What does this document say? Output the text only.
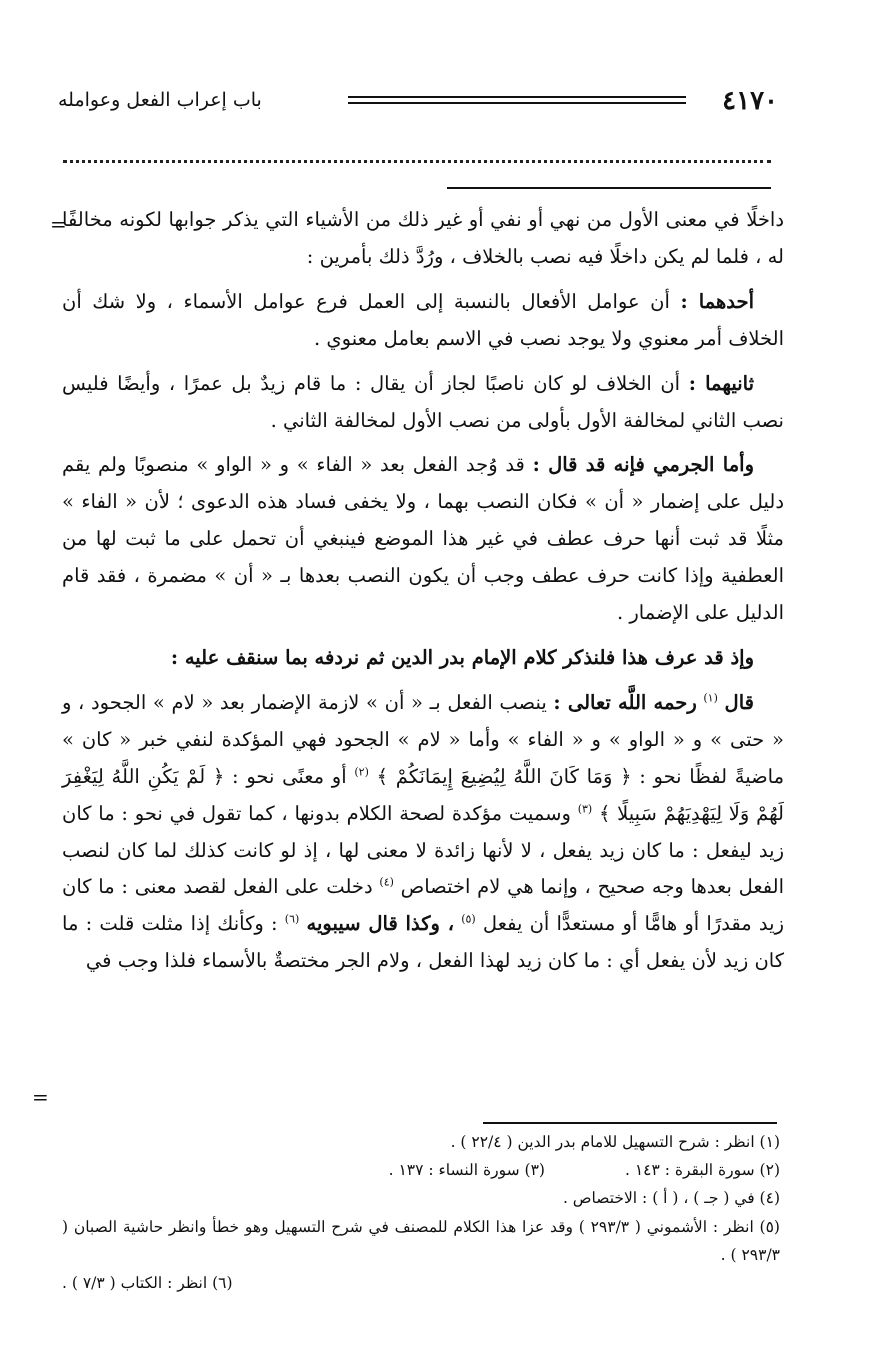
٤١٧٠
باب إعراب الفعل وعوامله
=

داخلًا في معنى الأول من نهي أو نفي أو غير ذلك من الأشياء التي يذكر جوابها لكونه مخالفًا له ، فلما لم يكن داخلًا فيه نصب بالخلاف ، ورُدَّ ذلك بأمرين :

أحدهما : أن عوامل الأفعال بالنسبة إلى العمل فرع عوامل الأسماء ، ولا شك أن الخلاف أمر معنوي ولا يوجد نصب في الاسم بعامل معنوي .

ثانيهما : أن الخلاف لو كان ناصبًا لجاز أن يقال : ما قام زيدٌ بل عمرًا ، وأيضًا فليس نصب الثاني لمخالفة الأول بأولى من نصب الأول لمخالفة الثاني .

وأما الجرمي فإنه قد قال : قد وُجد الفعل بعد « الفاء » و « الواو » منصوبًا ولم يقم دليل على إضمار « أن » فكان النصب بهما ، ولا يخفى فساد هذه الدعوى ؛ لأن « الفاء » مثلًا قد ثبت أنها حرف عطف في غير هذا الموضع فينبغي أن تحمل على ما ثبت لها من العطفية وإذا كانت حرف عطف وجب أن يكون النصب بعدها بـ « أن » مضمرة ، فقد قام الدليل على الإضمار .

وإذ قد عرف هذا فلنذكر كلام الإمام بدر الدين ثم نردفه بما سنقف عليه :

قال $^{(١)}$ رحمه اللَّه تعالى : ينصب الفعل بـ « أن » لازمة الإضمار بعد « لام » الجحود ، و « حتى » و « الواو » و « الفاء » وأما « لام » الجحود فهي المؤكدة لنفي خبر « كان » ماضيةً لفظًا نحو : ﴿ وَمَا كَانَ اللَّهُ لِيُضِيعَ إِيمَانَكُمْ ﴾ $^{(٢)}$ أو معنًى نحو : ﴿ لَمْ يَكُنِ اللَّهُ لِيَغْفِرَ لَهُمْ وَلَا لِيَهْدِيَهُمْ سَبِيلًا ﴾ $^{(٣)}$ وسميت مؤكدة لصحة الكلام بدونها ، كما تقول في نحو : ما كان زيد ليفعل : ما كان زيد يفعل ، لا لأنها زائدة لا معنى لها ، إذ لو كانت كذلك لما كان لنصب الفعل بعدها وجه صحيح ، وإنما هي لام اختصاص $^{(٤)}$ دخلت على الفعل لقصد معنى : ما كان زيد مقدرًا أو هامًّا أو مستعدًّا أن يفعل $^{(٥)}$ ، وكذا قال سيبويه $^{(٦)}$ : وكأنك إذا مثلت قلت : ما كان زيد لأن يفعل أي : ما كان زيد لهذا الفعل ، ولام الجر مختصةٌ بالأسماء فلذا وجب في

=
(١) انظر : شرح التسهيل للامام بدر الدين ( ٢٢/٤ ) .
(٢) سورة البقرة : ١٤٣ .
(٣) سورة النساء : ١٣٧ .
(٤) في ( جـ ) ، ( أ ) : الاختصاص .
(٥) انظر : الأشموني ( ٢٩٣/٣ ) وقد عزا هذا الكلام للمصنف في شرح التسهيل وهو خطأ وانظر حاشية الصبان ( ٢٩٣/٣ ) .
(٦) انظر : الكتاب ( ٧/٣ ) .
